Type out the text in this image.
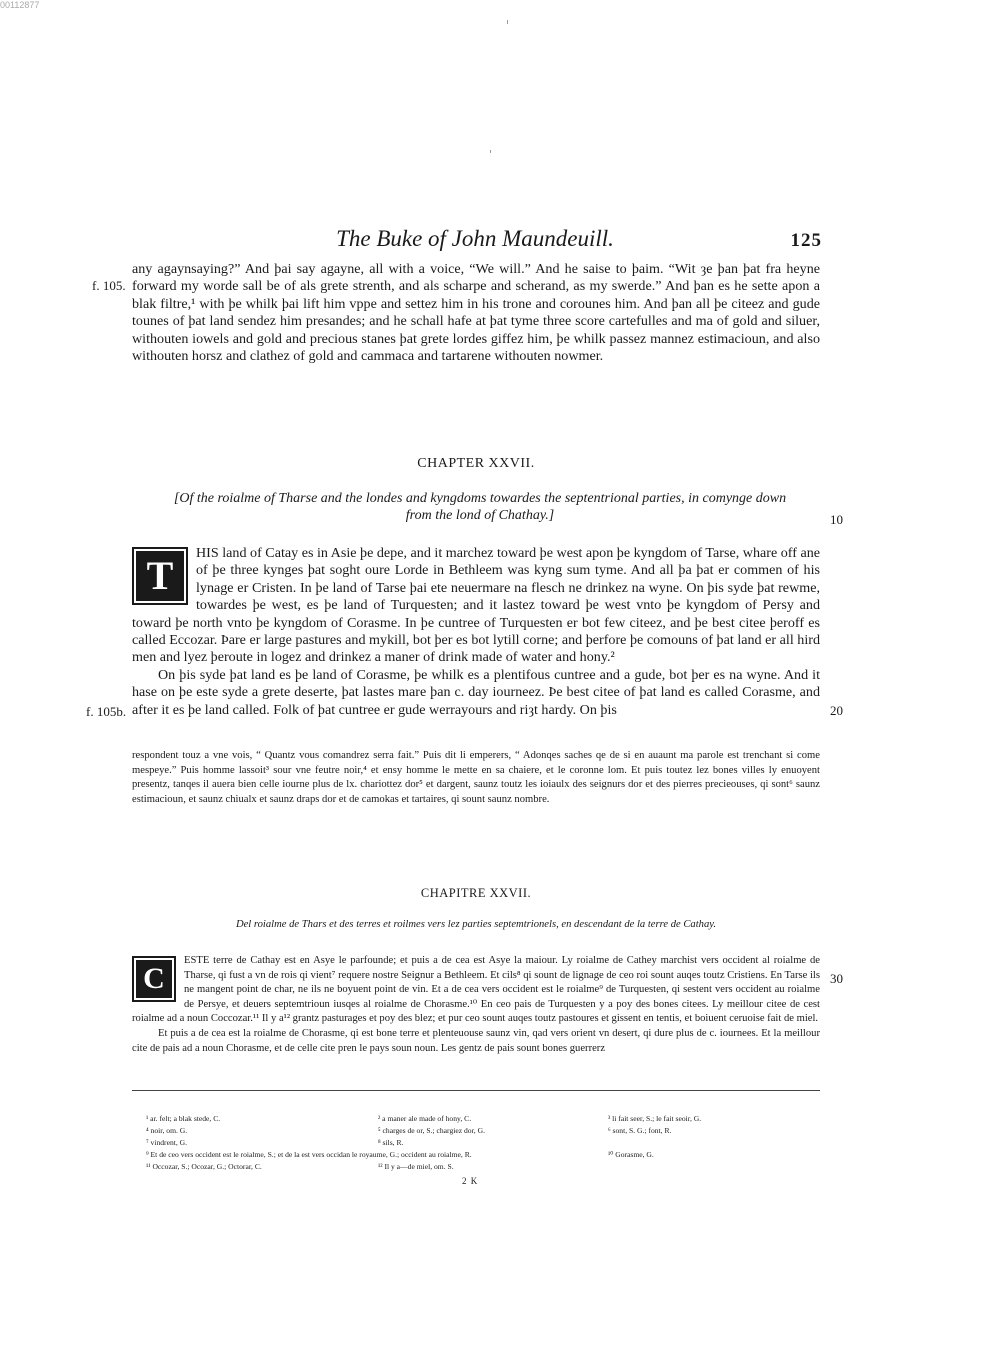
00112877
The Buke of John Maundeuill.	125
f. 105.
any agaynsaying?” And þai say agayne, all with a voice, “We will.” And he saise to þaim. “Wit ȝe þan þat fra heyne forward my worde sall be of als grete strenth, and als scharpe and scherand, as my swerde.” And þan es he sette apon a blak filtre,¹ with þe whilk þai lift him vppe and settez him in his trone and corounes him. And þan all þe citeez and gude tounes of þat land sendez him presandes; and he schall hafe at þat tyme three score cartefulles and ma of gold and siluer, withouten iowels and gold and precious stanes þat grete lordes giffez him, þe whilk passez mannez estimacioun, and also withouten horsz and clathez of gold and cammaca and tartarene withouten nowmer.
CHAPTER XXVII.
[Of the roialme of Tharse and the londes and kyngdoms towardes the septentrional parties, in comynge down from the lond of Chathay.]	10
T
HIS land of Catay es in Asie þe depe, and it marchez toward þe west apon þe kyngdom of Tarse, whare off ane of þe three kynges þat soght oure Lorde in Bethleem was kyng sum tyme. And all þa þat er commen of his lynage er Cristen. In þe land of Tarse þai ete neuermare na flesch ne drinkez na wyne. On þis syde þat rewme, towardes þe west, es þe land of Turquesten; and it lastez toward þe west vnto þe kyngdom of Persy and toward þe north vnto þe kyngdom of Corasme. In þe cuntree of Turquesten er bot few citeez, and þe best citee þeroff es called Eccozar. Þare er large pastures and mykill, bot þer es bot lytill corne; and þerfore þe comouns of þat land er all hird men and lyez þeroute in logez and drinkez a maner of drink made of water and hony.²
On þis syde þat land es þe land of Corasme, þe whilk es a plentifous cuntree and a gude, bot þer es na wyne. And it hase on þe este syde a grete deserte, þat lastes mare þan c. day iourneez. Þe best citee of þat land es called Corasme, and after it es þe land called. Folk of þat cuntree er gude werrayours and riȝt hardy. On þis
f. 105b.	20
respondent touz a vne vois, “ Quantz vous comandrez serra fait.” Puis dit li emperers, “ Adonqes saches qe de si en auaunt ma parole est trenchant si come mespeye.” Puis homme lassoit³ sour vne feutre noir,⁴ et ensy homme le mette en sa chaiere, et le coronne lom. Et puis toutez lez bones villes ly enuoyent presentz, tanqes il auera bien celle iourne plus de lx. chariottez dor⁵ et dargent, saunz toutz les ioiaulx des seignurs dor et des pierres precieouses, qi sont⁶ saunz estimacioun, et saunz chiualx et saunz draps dor et de camokas et tartaires, qi sount saunz nombre.
CHAPITRE XXVII.
Del roialme de Thars et des terres et roilmes vers lez parties septemtrionels, en descendant de la terre de Cathay.
C
ESTE terre de Cathay est en Asye le parfounde; et puis a de cea est Asye la maiour. Ly roialme de Cathey marchist vers occident al roialme de Tharse, qi fust a vn de rois qi vient⁷ requere nostre Seignur a Bethleem. Et cils⁸ qi sount de lignage de ceo roi sount auqes toutz Cristiens. En Tarse ils ne mangent point de char, ne ils ne boyuent point de vin. Et a de cea vers occident est le roialme⁹ de Turquesten, qi sestent vers occident au roialme de Persye, et deuers septemtrioun iusqes al roialme de Chorasme.¹⁰ En ceo pais de Turquesten y a poy des bones citees. Ly meillour citee de cest roialme ad a noun Coccozar.¹¹ Il y a¹² grantz pasturages et poy des blez; et pur ceo sount auqes toutz pastoures et gissent en tentis, et boiuent ceruoise fait de miel.
Et puis a de cea est la roialme de Chorasme, qi est bone terre et plenteuouse saunz vin, qad vers orient vn desert, qi dure plus de c. iournees. Et la meillour cite de pais ad a noun Chorasme, et de celle cite pren le pays soun noun. Les gentz de pais sount bones guerrerz
30
¹ ar. felt; a blak stede, C.
⁴ noir, om. G.
⁷ vindrent, G.
⁹ Et de ceo vers occident est le roialme, S.; et de la est vers occidan le royaume, G.; occident au roialme, R.
¹¹ Occozar, S.; Ocozar, G.; Octorar, C.
² a maner ale made of hony, C.
⁵ charges de or, S.; chargiez dor, G.
⁸ sils, R.
¹² Il y a—de miel, om. S.
³ li fait seer, S.; le fait seoir, G.
⁶ sont, S. G.; font, R.
¹⁰ Gorasme, G.
2 K
